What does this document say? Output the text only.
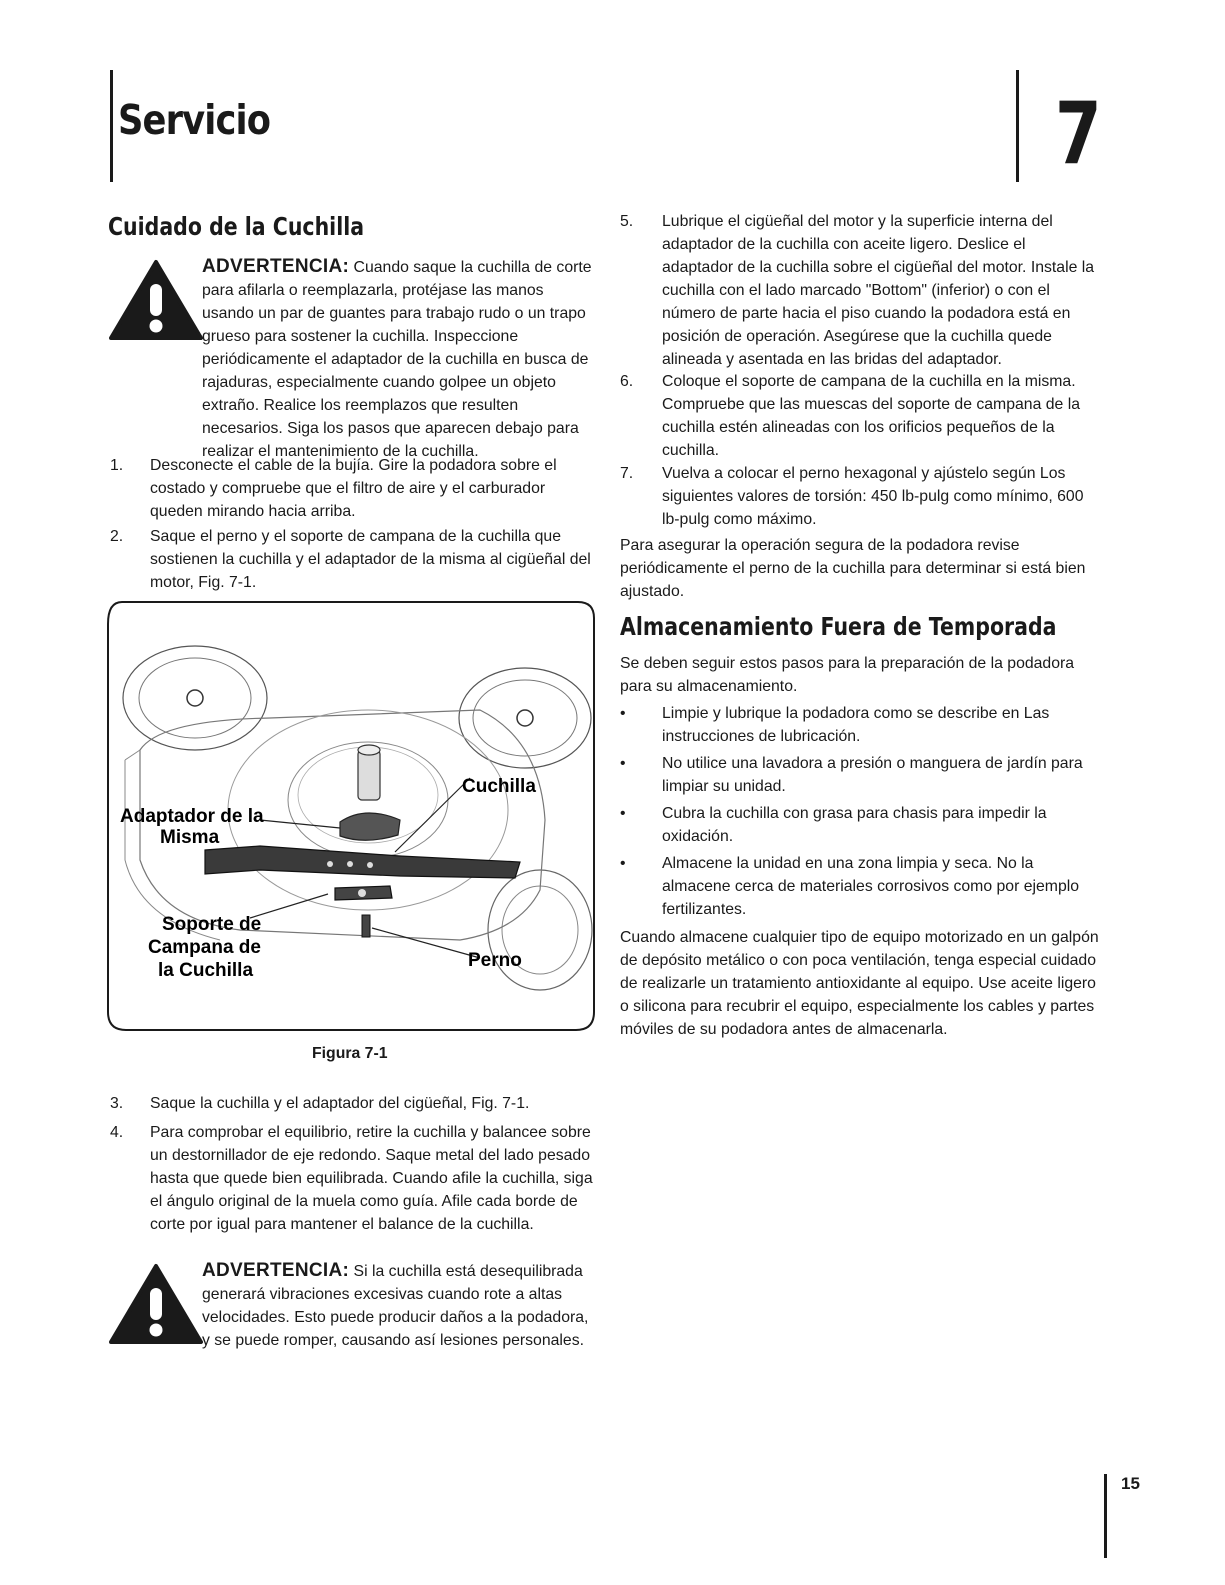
Servicio	7
Cuidado de la Cuchilla
ADVERTENCIA: Cuando saque la cuchilla de corte para afilarla o reemplazarla, protéjase las manos usando un par de guantes para trabajo rudo o un trapo grueso para sostener la cuchilla. Inspeccione periódicamente el adaptador de la cuchilla en busca de rajaduras, especialmente cuando golpee un objeto extraño. Realice los reemplazos que resulten necesarios. Siga los pasos que aparecen debajo para realizar el mantenimiento de la cuchilla.
1. Desconecte el cable de la bujía. Gire la podadora sobre el costado y compruebe que el filtro de aire y el carburador queden mirando hacia arriba.
2. Saque el perno y el soporte de campana de la cuchilla que sostienen la cuchilla y el adaptador de la misma al cigüeñal del motor, Fig. 7-1.
Adaptador de la
Misma
Cuchilla
Soporte de
Campana de
la Cuchilla	Perno
Figura 7-1
3. Saque la cuchilla y el adaptador del cigüeñal, Fig. 7-1.
4. Para comprobar el equilibrio, retire la cuchilla y balancee sobre un destornillador de eje redondo. Saque metal del lado pesado hasta que quede bien equilibrada. Cuando afile la cuchilla, siga el ángulo original de la muela como guía. Afile cada borde de corte por igual para mantener el balance de la cuchilla.
ADVERTENCIA: Si la cuchilla está desequilibrada generará vibraciones excesivas cuando rote a altas velocidades. Esto puede producir daños a la podadora, y se puede romper, causando así lesiones personales.
5. Lubrique el cigüeñal del motor y la superficie interna del adaptador de la cuchilla con aceite ligero. Deslice el adaptador de la cuchilla sobre el cigüeñal del motor. Instale la cuchilla con el lado marcado "Bottom" (inferior) o con el número de parte hacia el piso cuando la podadora está en posición de operación. Asegúrese que la cuchilla quede alineada y asentada en las bridas del adaptador.
6. Coloque el soporte de campana de la cuchilla en la misma. Compruebe que las muescas del soporte de campana de la cuchilla estén alineadas con los orificios pequeños de la cuchilla.
7. Vuelva a colocar el perno hexagonal y ajústelo según Los siguientes valores de torsión: 450 lb-pulg como mínimo, 600 lb-pulg como máximo.
Para asegurar la operación segura de la podadora revise periódicamente el perno de la cuchilla para determinar si está bien ajustado.
Almacenamiento Fuera de Temporada
Se deben seguir estos pasos para la preparación de la podadora para su almacenamiento.
• Limpie y lubrique la podadora como se describe en Las instrucciones de lubricación.
• No utilice una lavadora a presión o manguera de jardín para limpiar su unidad.
• Cubra la cuchilla con grasa para chasis para impedir la oxidación.
• Almacene la unidad en una zona limpia y seca. No la almacene cerca de materiales corrosivos como por ejemplo fertilizantes.
Cuando almacene cualquier tipo de equipo motorizado en un galpón de depósito metálico o con poca ventilación, tenga especial cuidado de realizarle un tratamiento antioxidante al equipo. Use aceite ligero o silicona para recubrir el equipo, especialmente los cables y partes móviles de su podadora antes de almacenarla.
15
